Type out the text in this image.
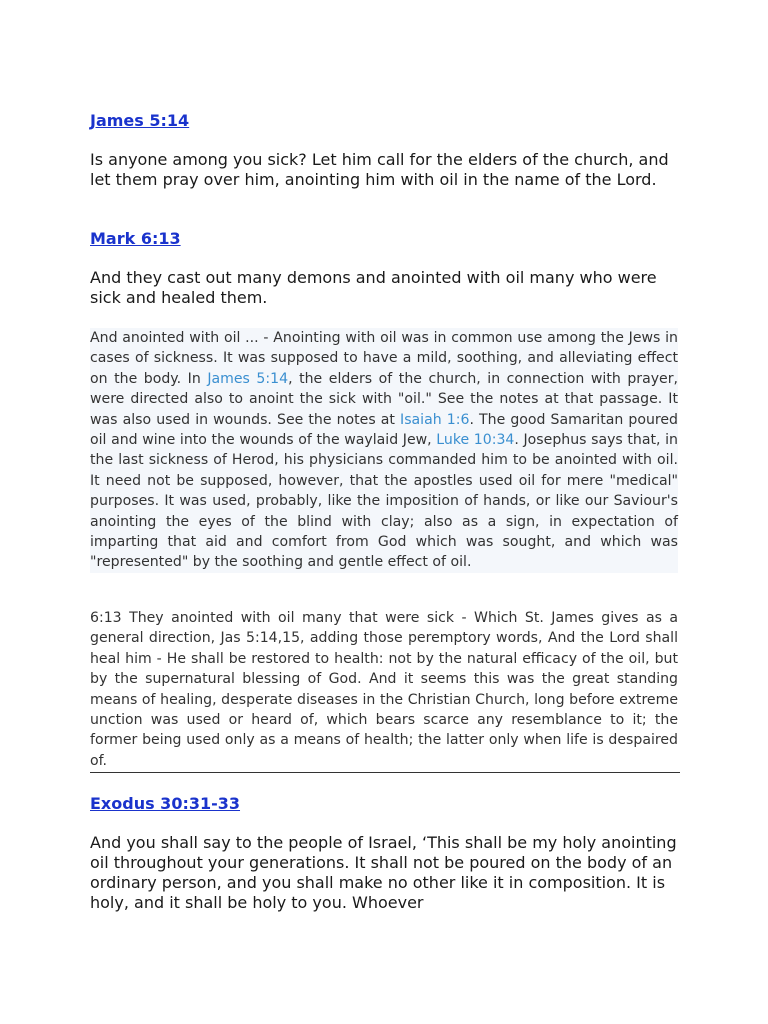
James 5:14
Is anyone among you sick? Let him call for the elders of the church, and let them pray over him, anointing him with oil in the name of the Lord.
Mark 6:13
And they cast out many demons and anointed with oil many who were sick and healed them.
And anointed with oil ... - Anointing with oil was in common use among the Jews in cases of sickness. It was supposed to have a mild, soothing, and alleviating effect on the body. In James 5:14, the elders of the church, in connection with prayer, were directed also to anoint the sick with "oil." See the notes at that passage. It was also used in wounds. See the notes at Isaiah 1:6. The good Samaritan poured oil and wine into the wounds of the waylaid Jew, Luke 10:34. Josephus says that, in the last sickness of Herod, his physicians commanded him to be anointed with oil. It need not be supposed, however, that the apostles used oil for mere "medical" purposes. It was used, probably, like the imposition of hands, or like our Saviour's anointing the eyes of the blind with clay; also as a sign, in expectation of imparting that aid and comfort from God which was sought, and which was "represented" by the soothing and gentle effect of oil.
6:13 They anointed with oil many that were sick - Which St. James gives as a general direction, Jas 5:14,15, adding those peremptory words, And the Lord shall heal him - He shall be restored to health: not by the natural efficacy of the oil, but by the supernatural blessing of God. And it seems this was the great standing means of healing, desperate diseases in the Christian Church, long before extreme unction was used or heard of, which bears scarce any resemblance to it; the former being used only as a means of health; the latter only when life is despaired of.
Exodus 30:31-33
And you shall say to the people of Israel, ‘This shall be my holy anointing oil throughout your generations. It shall not be poured on the body of an ordinary person, and you shall make no other like it in composition. It is holy, and it shall be holy to you. Whoever
